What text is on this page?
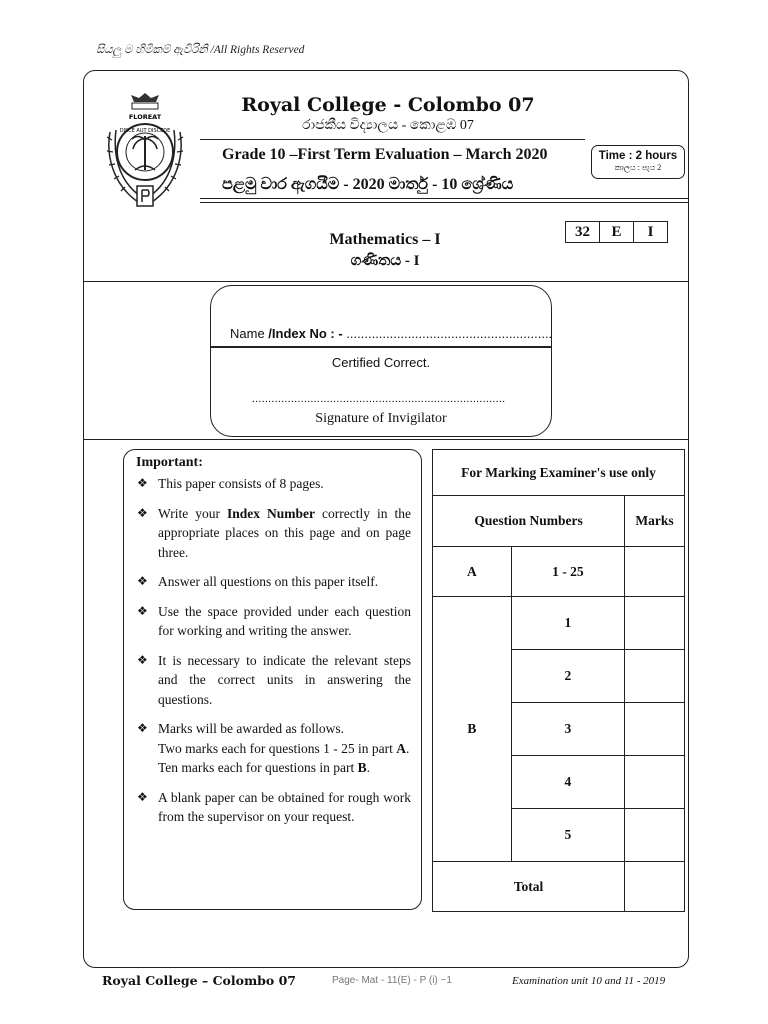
සියලු ම හිමිකම් ඇවිරිනි /All Rights Reserved
FLOREAT
DISCE AUT DISCEDE
Royal College - Colombo 07
රාජකීය විද්‍යාලය - කොළඹ 07
Grade 10 –First Term Evaluation – March 2020
පළමු වාර ඇගයීම - 2020 මාර්තු - 10 ශ්‍රේණිය
Time : 2 hours
කාලය : පැය 2
32	E	I
Mathematics – I
ගණිතය - I
Name /Index No : - .........................................................
Certified Correct.
..............................................................................
Signature of Invigilator
Important:
❖ This paper consists of 8 pages.
❖ Write your Index Number correctly in the appropriate places on this page and on page three.
❖ Answer all questions on this paper itself.
❖ Use the space provided under each question for working and writing the answer.
❖ It is necessary to indicate the relevant steps and the correct units in answering the questions.
❖ Marks will be awarded as follows.
Two marks each for questions 1 - 25 in part A.
Ten marks each for questions in part B.
❖ A blank paper can be obtained for rough work from the supervisor on your request.
For Marking Examiner's use only		
Question Numbers		Marks
A	1 - 25	
B	1	
	2	
	3	
	4	
	5	
Total		
Royal College – Colombo 07	Page- Mat - 11(E) - P (i) ~1	Examination unit 10 and 11 - 2019
